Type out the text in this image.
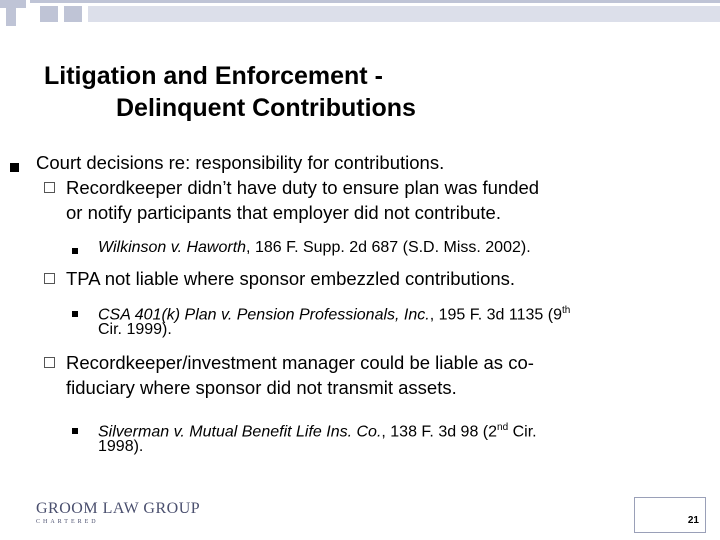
Litigation and Enforcement -
Delinquent Contributions
Court decisions re: responsibility for contributions.
Recordkeeper didn’t have duty to ensure plan was funded
or notify participants that employer did not contribute.
Wilkinson v. Haworth, 186 F. Supp. 2d 687 (S.D. Miss. 2002).
TPA not liable where sponsor embezzled contributions.
CSA 401(k) Plan v. Pension Professionals, Inc., 195 F. 3d 1135 (9th
Cir. 1999).
Recordkeeper/investment manager could be liable as co-
fiduciary where sponsor did not transmit assets.
Silverman v. Mutual Benefit Life Ins. Co., 138 F. 3d 98 (2nd Cir.
1998).
GROOM LAW GROUP
CHARTERED	21
